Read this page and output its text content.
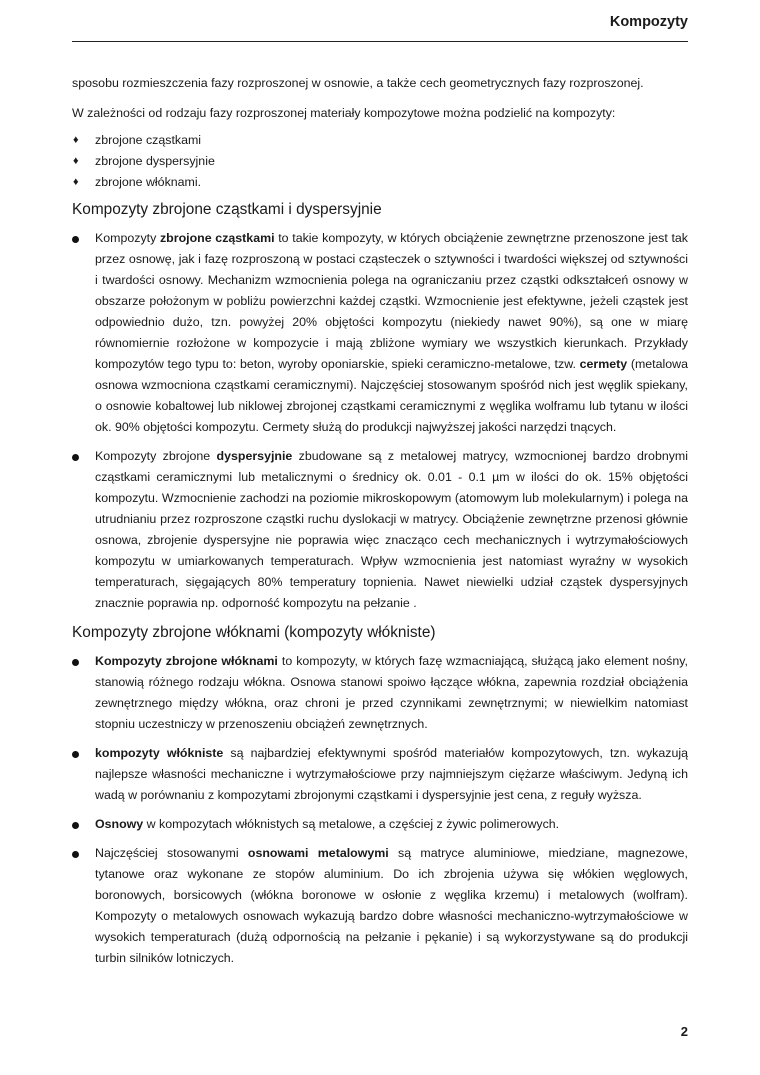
Kompozyty

sposobu rozmieszczenia fazy rozproszonej w osnowie, a także cech geometrycznych fazy rozproszonej.

W zależności od rodzaju fazy rozproszonej materiały kompozytowe można podzielić na kompozyty:

♦ zbrojone cząstkami
♦ zbrojone dyspersyjnie
♦ zbrojone włóknami.
Kompozyty zbrojone cząstkami i dyspersyjnie
Kompozyty zbrojone cząstkami to takie kompozyty, w których obciążenie zewnętrzne przenoszone jest tak przez osnowę, jak i fazę rozproszoną w postaci cząsteczek o sztywności i twardości większej od sztywności i twardości osnowy. Mechanizm wzmocnienia polega na ograniczaniu przez cząstki odkształceń osnowy w obszarze położonym w pobliżu powierzchni każdej cząstki. Wzmocnienie jest efektywne, jeżeli cząstek jest odpowiednio dużo, tzn. powyżej 20% objętości kompozytu (niekiedy nawet 90%), są one w miarę równomiernie rozłożone w kompozycie i mają zbliżone wymiary we wszystkich kierunkach. Przykłady kompozytów tego typu to: beton, wyroby oponiarskie, spieki ceramiczno-metalowe, tzw. cermety (metalowa osnowa wzmocniona cząstkami ceramicznymi). Najczęściej stosowanym spośród nich jest węglik spiekany, o osnowie kobaltowej lub niklowej zbrojonej cząstkami ceramicznymi z węglika wolframu lub tytanu w ilości ok. 90% objętości kompozytu. Cermety służą do produkcji najwyższej jakości narzędzi tnących.
Kompozyty zbrojone dyspersyjnie zbudowane są z metalowej matrycy, wzmocnionej bardzo drobnymi cząstkami ceramicznymi lub metalicznymi o średnicy ok. 0.01 - 0.1 µm w ilości do ok. 15% objętości kompozytu. Wzmocnienie zachodzi na poziomie mikroskopowym (atomowym lub molekularnym) i polega na utrudnianiu przez rozproszone cząstki ruchu dyslokacji w matrycy. Obciążenie zewnętrzne przenosi głównie osnowa, zbrojenie dyspersyjne nie poprawia więc znacząco cech mechanicznych i wytrzymałościowych kompozytu w umiarkowanych temperaturach. Wpływ wzmocnienia jest natomiast wyraźny w wysokich temperaturach, sięgających 80% temperatury topnienia. Nawet niewielki udział cząstek dyspersyjnych znacznie poprawia np. odporność kompozytu na pełzanie .
Kompozyty zbrojone włóknami (kompozyty włókniste)
Kompozyty zbrojone włóknami to kompozyty, w których fazę wzmacniającą, służącą jako element nośny, stanowią różnego rodzaju włókna. Osnowa stanowi spoiwo łączące włókna, zapewnia rozdział obciążenia zewnętrznego między włókna, oraz chroni je przed czynnikami zewnętrznymi; w niewielkim natomiast stopniu uczestniczy w przenoszeniu obciążeń zewnętrznych.
kompozyty włókniste są najbardziej efektywnymi spośród materiałów kompozytowych, tzn. wykazują najlepsze własności mechaniczne i wytrzymałościowe przy najmniejszym ciężarze właściwym. Jedyną ich wadą w porównaniu z kompozytami zbrojonymi cząstkami i dyspersyjnie jest cena, z reguły wyższa.
Osnowy w kompozytach włóknistych są metalowe, a częściej z żywic polimerowych.
Najczęściej stosowanymi osnowami metalowymi są matryce aluminiowe, miedziane, magnezowe, tytanowe oraz wykonane ze stopów aluminium. Do ich zbrojenia używa się włókien węglowych, boronowych, borsicowych (włókna boronowe w osłonie z węglika krzemu) i metalowych (wolfram). Kompozyty o metalowych osnowach wykazują bardzo dobre własności mechaniczno-wytrzymałościowe w wysokich temperaturach (dużą odpornością na pełzanie i pękanie) i są wykorzystywane są do produkcji turbin silników lotniczych.
2
